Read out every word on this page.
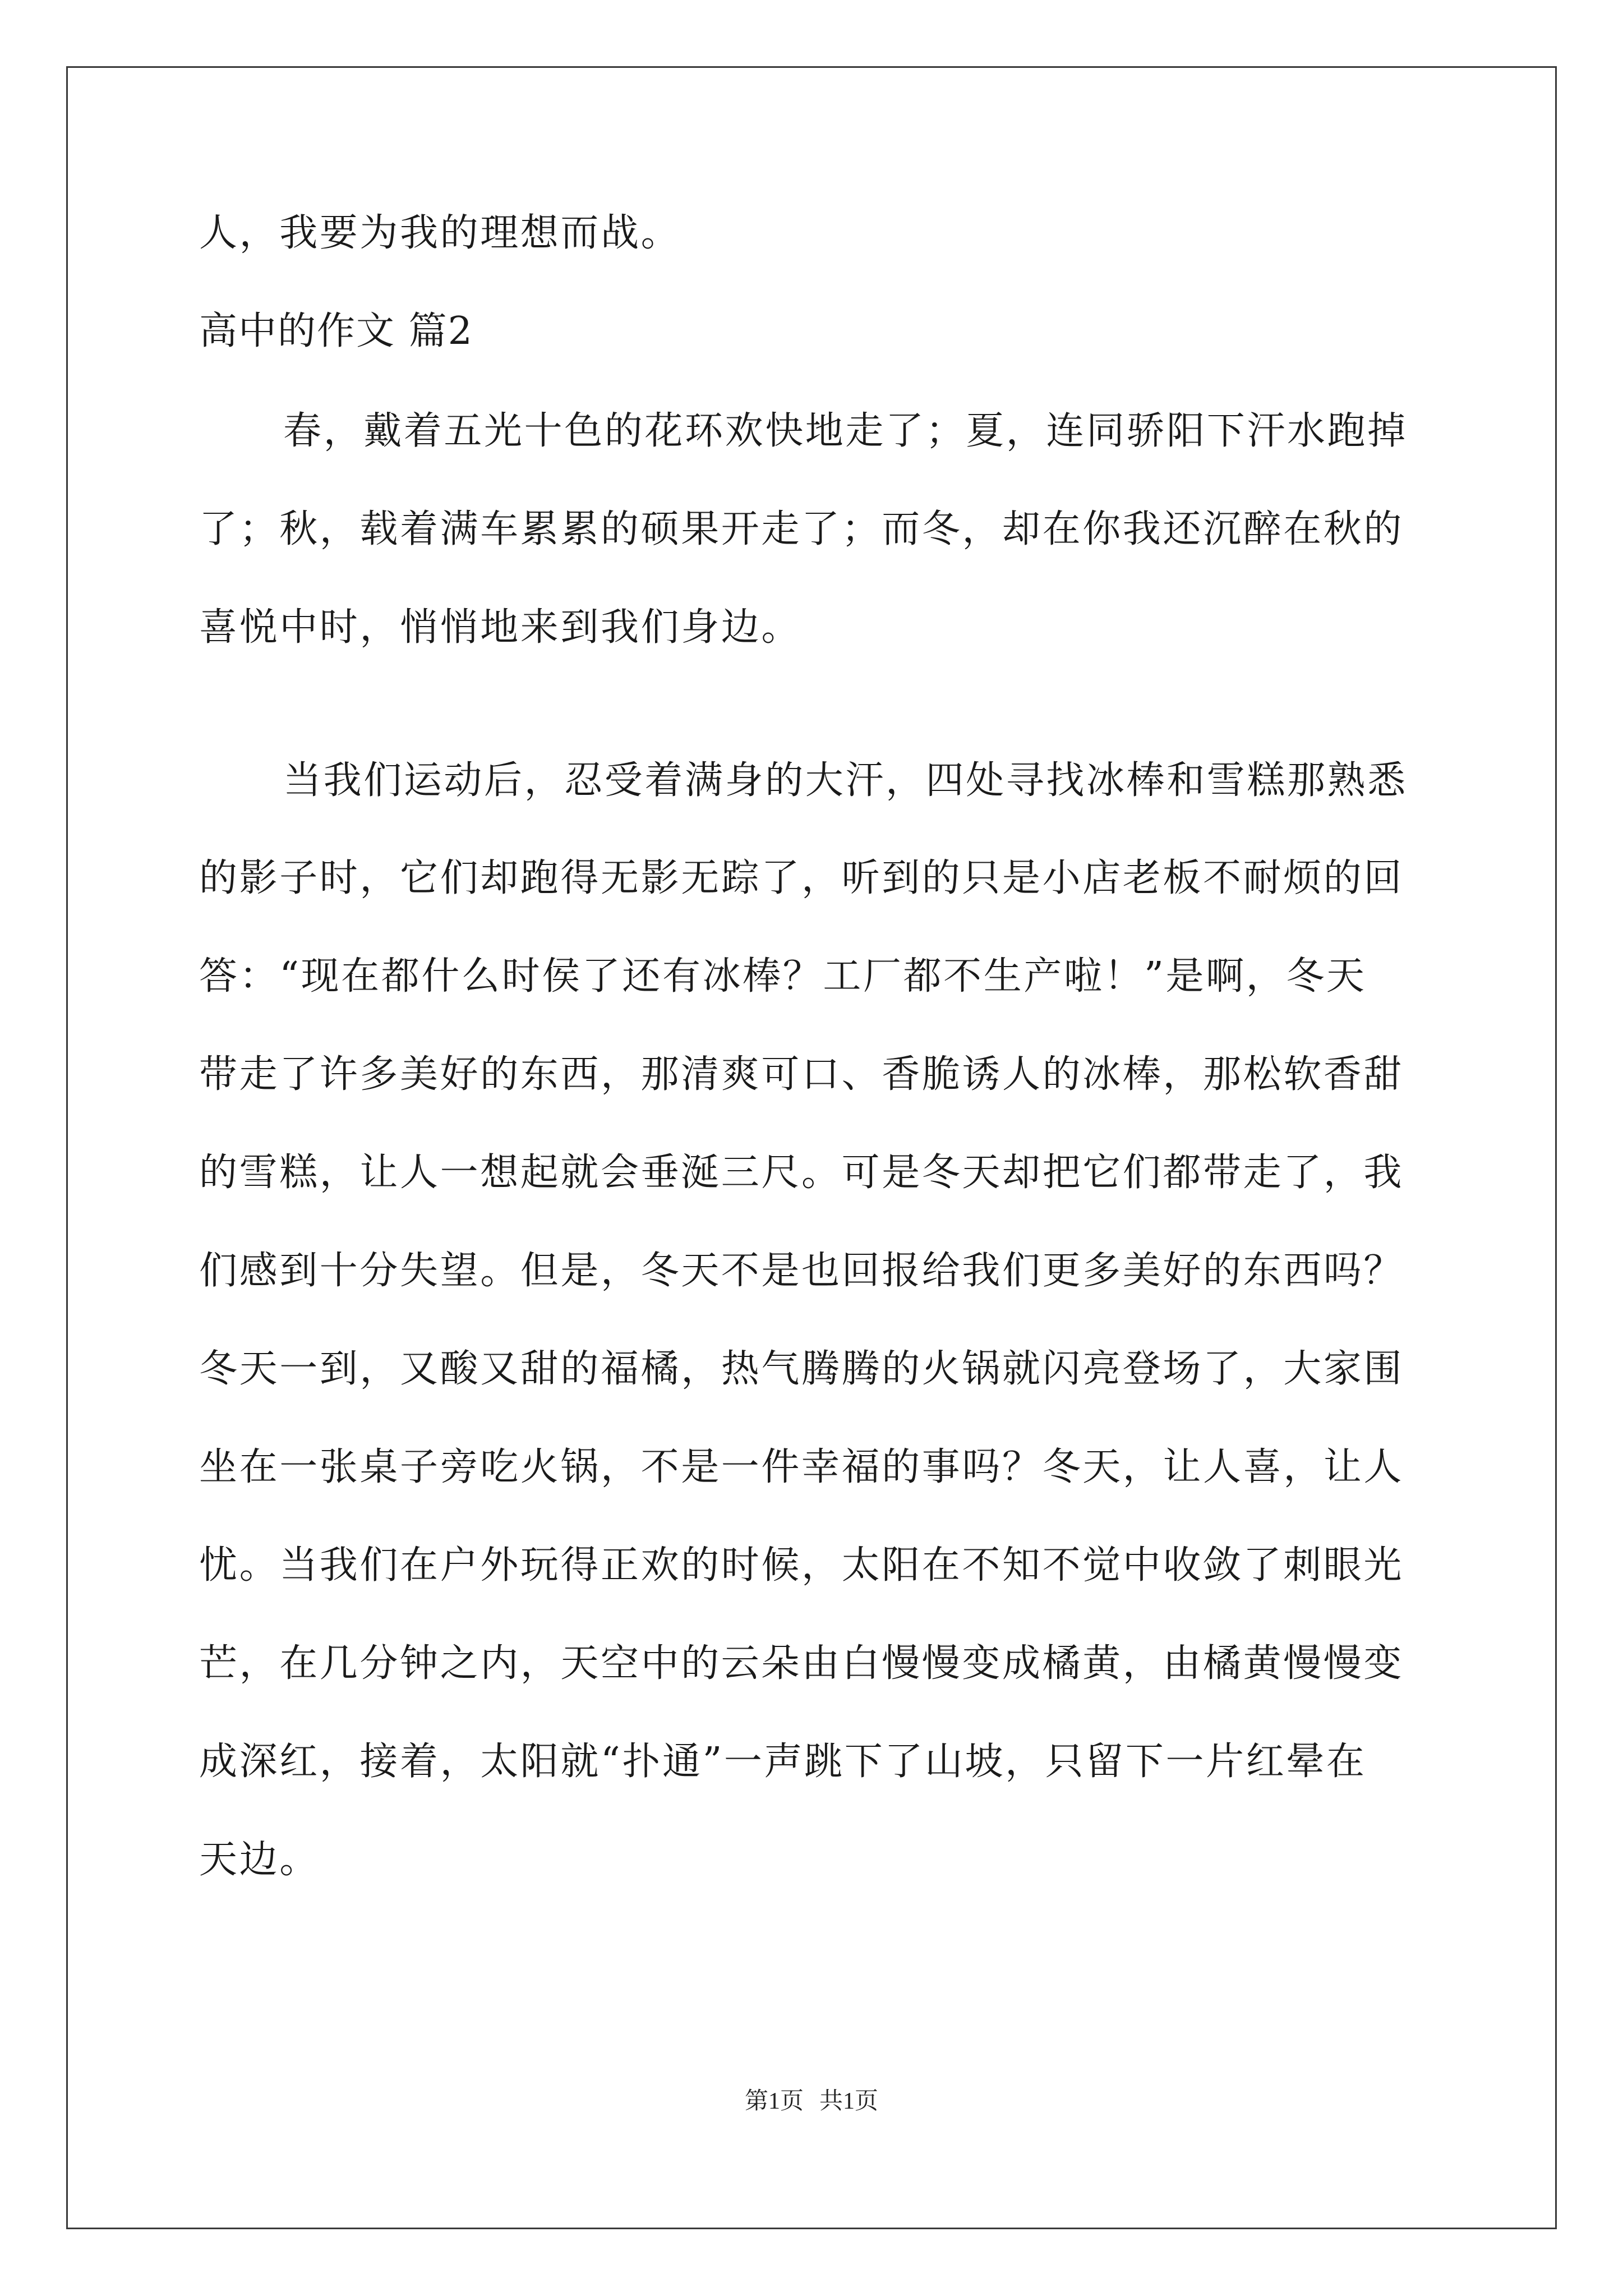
人，我要为我的理想而战。
高中的作文 篇2
春，戴着五光十色的花环欢快地走了；夏，连同骄阳下汗水跑掉
了；秋，载着满车累累的硕果开走了；而冬，却在你我还沉醉在秋的
喜悦中时，悄悄地来到我们身边。
当我们运动后，忍受着满身的大汗，四处寻找冰棒和雪糕那熟悉
的影子时，它们却跑得无影无踪了，听到的只是小店老板不耐烦的回
答：“现在都什么时侯了还有冰棒？工厂都不生产啦！”是啊，冬天
带走了许多美好的东西，那清爽可口、香脆诱人的冰棒，那松软香甜
的雪糕，让人一想起就会垂涎三尺。可是冬天却把它们都带走了，我
们感到十分失望。但是，冬天不是也回报给我们更多美好的东西吗？
冬天一到，又酸又甜的福橘，热气腾腾的火锅就闪亮登场了，大家围
坐在一张桌子旁吃火锅，不是一件幸福的事吗？冬天，让人喜，让人
忧。当我们在户外玩得正欢的时候，太阳在不知不觉中收敛了刺眼光
芒，在几分钟之内，天空中的云朵由白慢慢变成橘黄，由橘黄慢慢变
成深红，接着，太阳就“扑通”一声跳下了山坡，只留下一片红晕在
天边。
第1页 共1页
